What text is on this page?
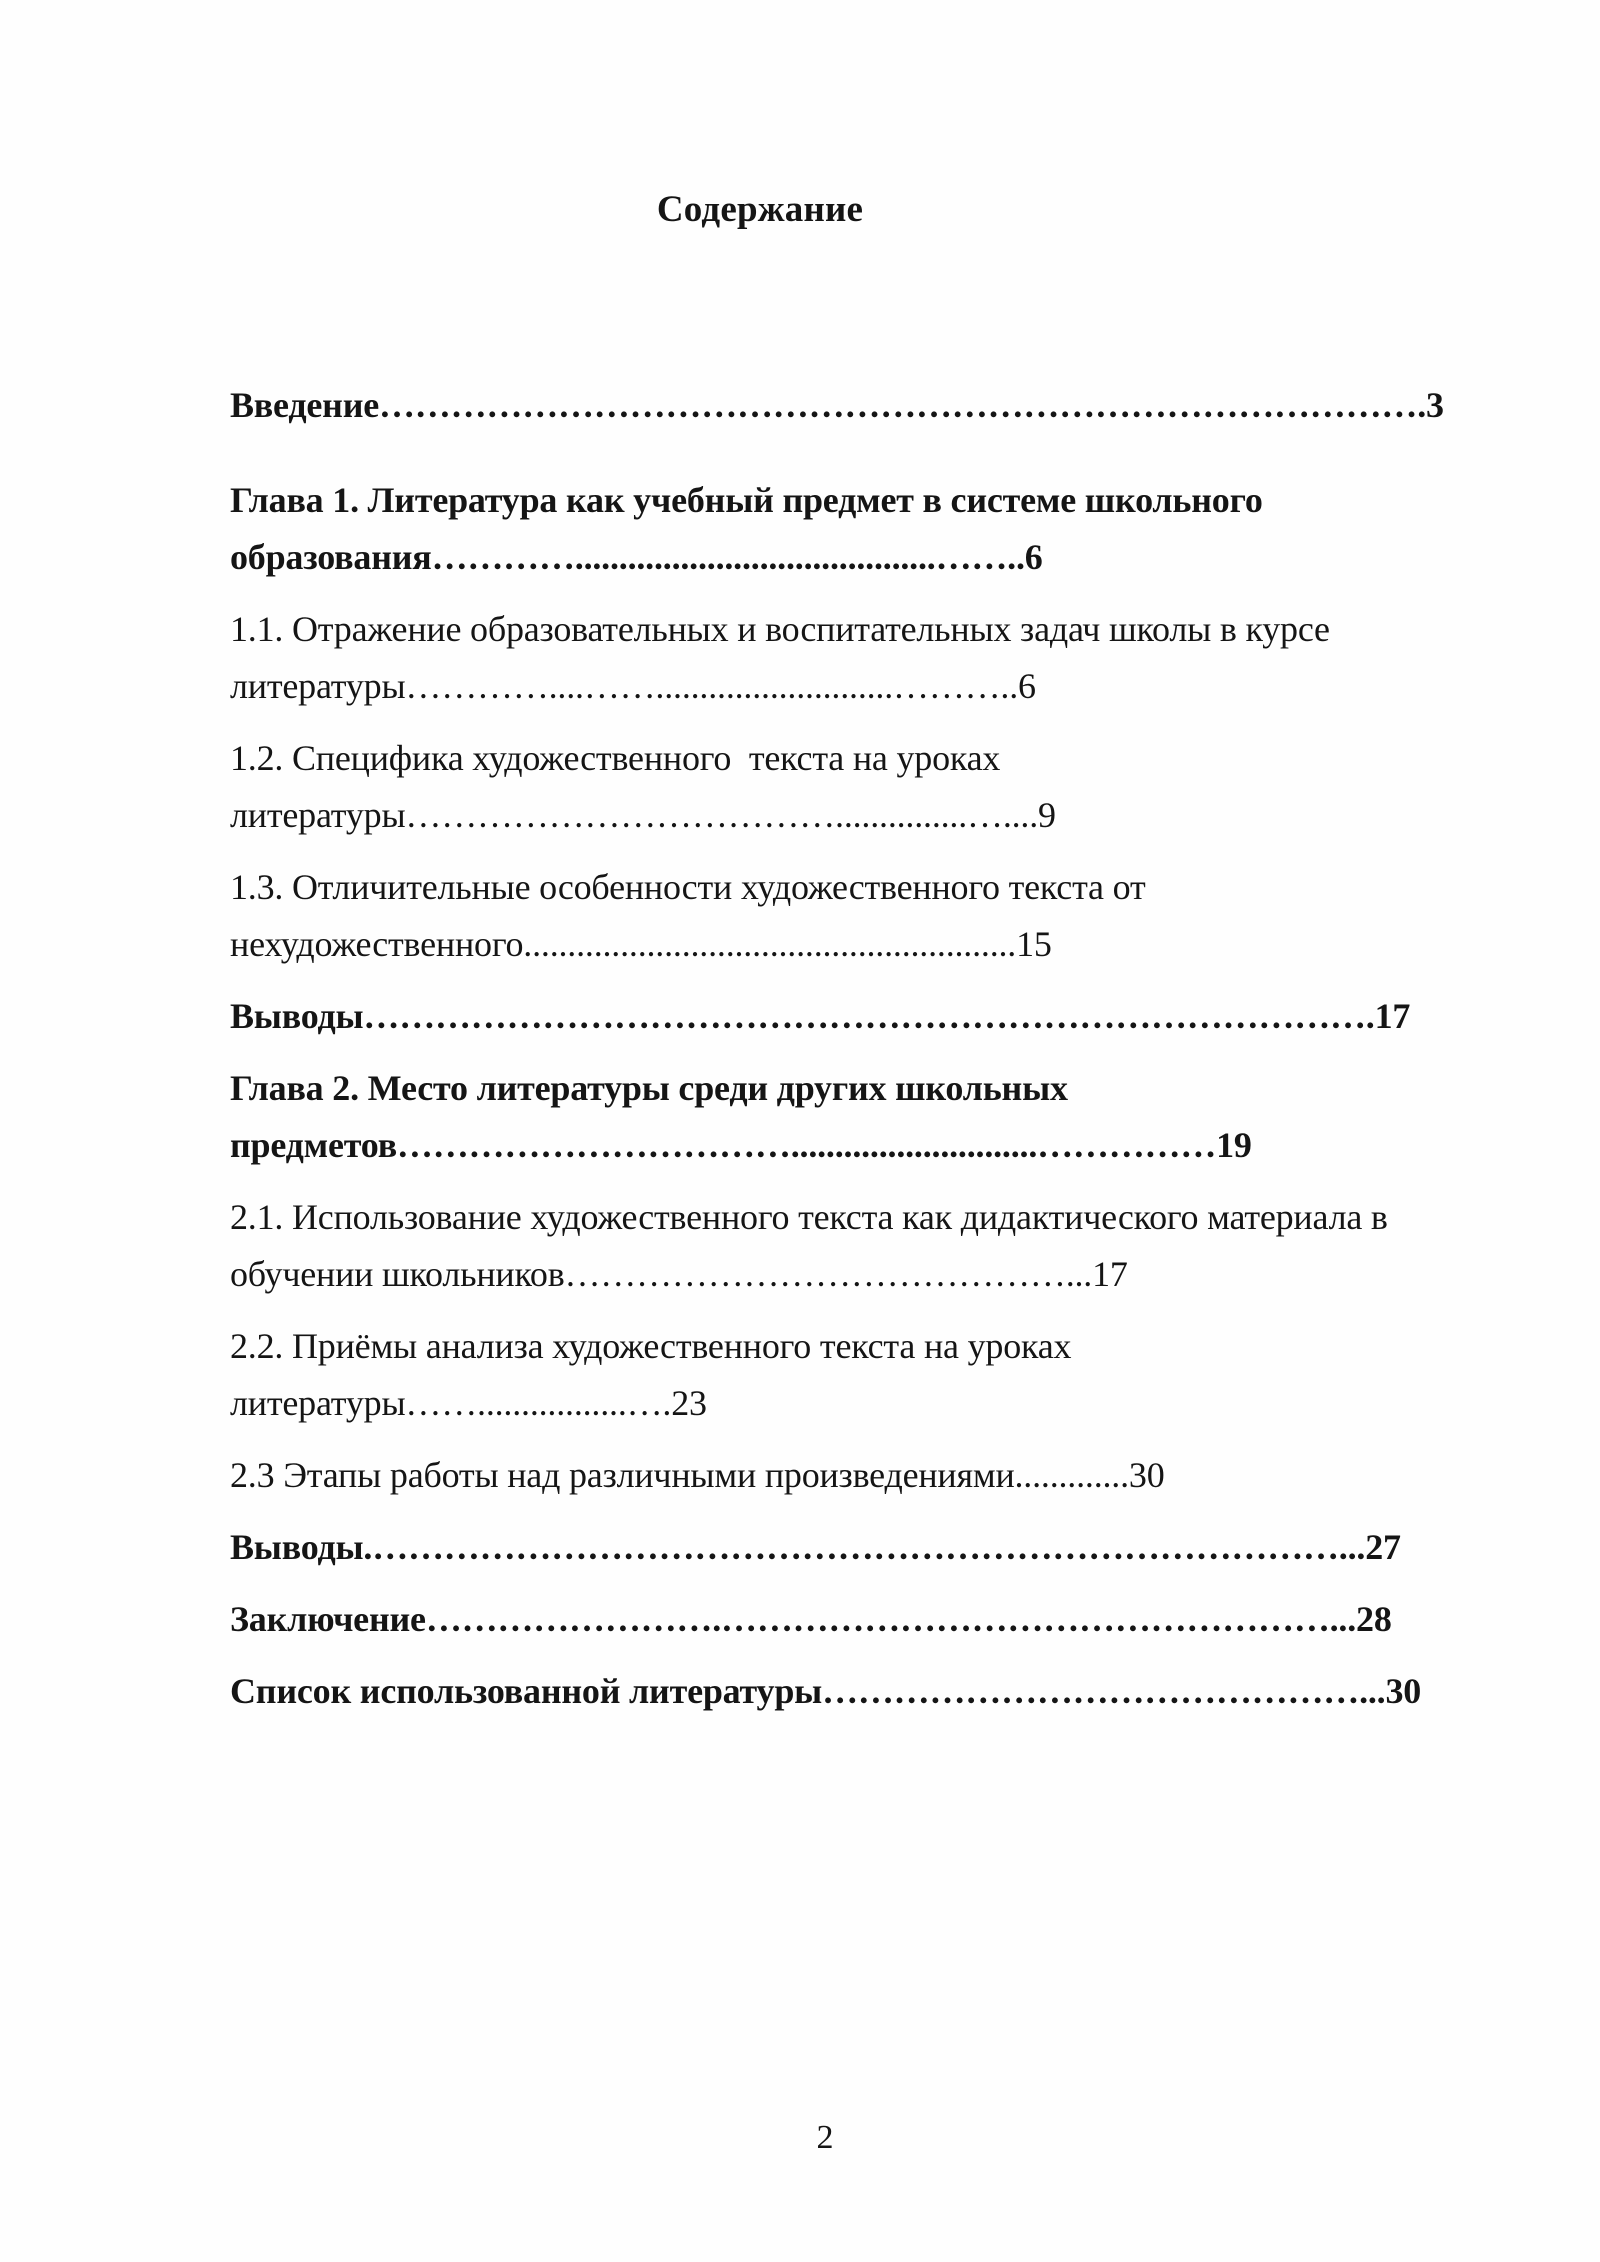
Содержание

Введение…………………………………………………………………………….3

Глава 1. Литература как учебный предмет в системе школьного
образования………….........................................……..6

1.1. Отражение образовательных и воспитательных задач школы в курсе
литературы…………....……...........................………..6

1.2. Специфика художественного  текста на уроках
литературы………………………………...............…....9

1.3. Отличительные особенности художественного текста от
нехудожественного........................................................15

Выводы………………………………………………………………………….17

Глава 2. Место литературы среди других школьных
предметов……………………………............................……………19

2.1. Использование художественного текста как дидактического материала в
обучении школьников……………………………………...17

2.2. Приёмы анализа художественного текста на уроках
литературы…….................….23

2.3 Этапы работы над различными произведениями.............30

Выводы.………………………………………………………………………...27

Заключение…………………….……………………………………………...28

Список использованной литературы………………………………………...30

2
